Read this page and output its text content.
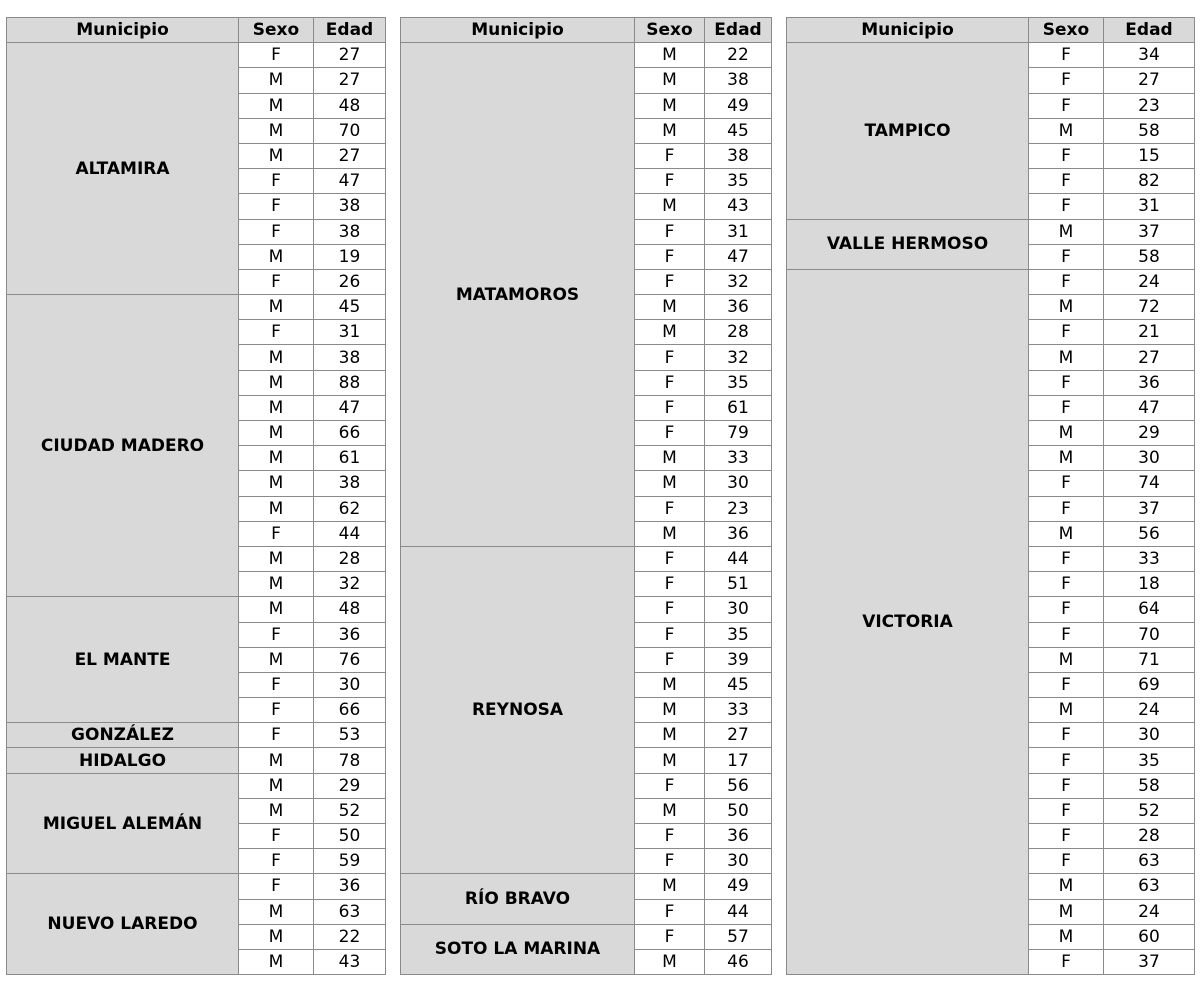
Municipio	Sexo	Edad
ALTAMIRA	F	27
	M	27
	M	48
	M	70
	M	27
	F	47
	F	38
	F	38
	M	19
	F	26
CIUDAD MADERO	M	45
	F	31
	M	38
	M	88
	M	47
	M	66
	M	61
	M	38
	M	62
	F	44
	M	28
	M	32
EL MANTE	M	48
	F	36
	M	76
	F	30
	F	66
GONZÁLEZ	F	53
HIDALGO	M	78
MIGUEL ALEMÁN	M	29
	M	52
	F	50
	F	59
NUEVO LAREDO	F	36
	M	63
	M	22
	M	43
Municipio	Sexo	Edad
MATAMOROS	M	22
	M	38
	M	49
	M	45
	F	38
	F	35
	M	43
	F	31
	F	47
	F	32
	M	36
	M	28
	F	32
	F	35
	F	61
	F	79
	M	33
	M	30
	F	23
	M	36
REYNOSA	F	44
	F	51
	F	30
	F	35
	F	39
	M	45
	M	33
	M	27
	M	17
	F	56
	M	50
	F	36
	F	30
RÍO BRAVO	M	49
	F	44
SOTO LA MARINA	F	57
	M	46
Municipio	Sexo	Edad
TAMPICO	F	34
	F	27
	F	23
	M	58
	F	15
	F	82
	F	31
VALLE HERMOSO	M	37
	F	58
VICTORIA	F	24
	M	72
	F	21
	M	27
	F	36
	F	47
	M	29
	M	30
	F	74
	F	37
	M	56
	F	33
	F	18
	F	64
	F	70
	M	71
	F	69
	M	24
	F	30
	F	35
	F	58
	F	52
	F	28
	F	63
	M	63
	M	24
	M	60
	F	37
